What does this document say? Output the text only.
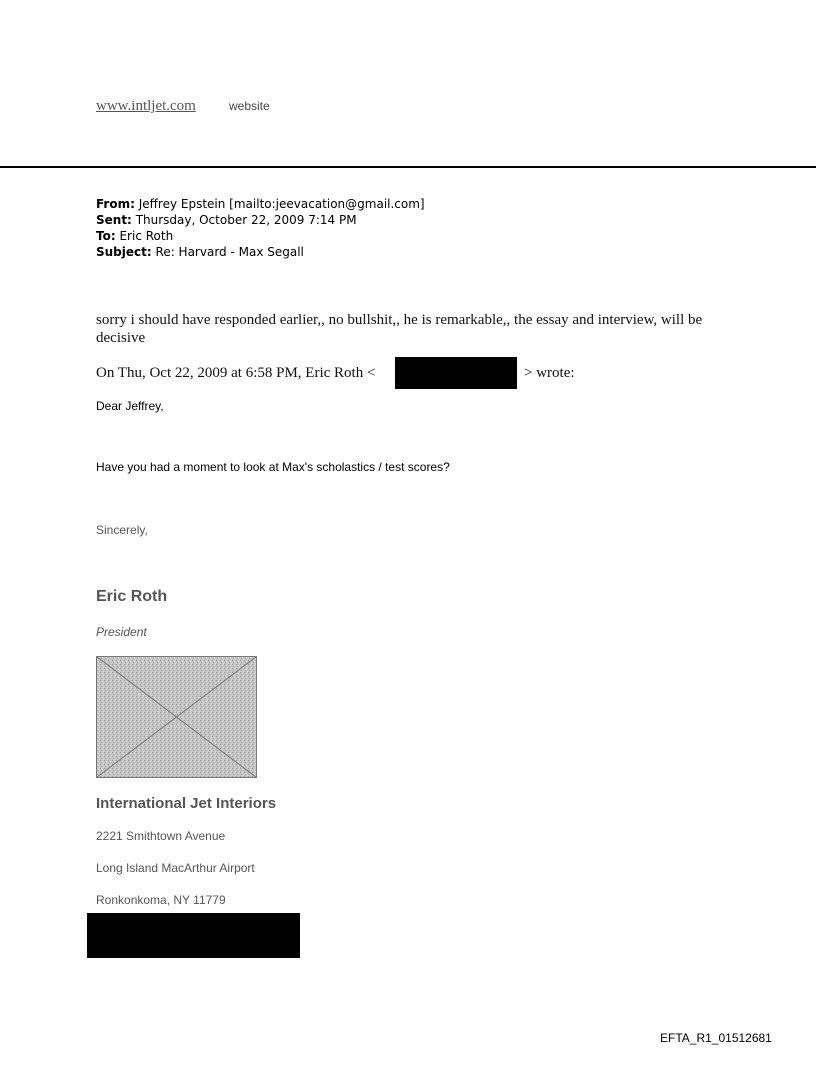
www.intljet.com	website
From: Jeffrey Epstein [mailto:jeevacation@gmail.com]
Sent: Thursday, October 22, 2009 7:14 PM
To: Eric Roth
Subject: Re: Harvard - Max Segall
sorry i should have responded earlier,, no bullshit,, he is remarkable,, the essay and interview, will be decisive
On Thu, Oct 22, 2009 at 6:58 PM, Eric Roth <	> wrote:
Dear Jeffrey,
Have you had a moment to look at Max's scholastics / test scores?
Sincerely,
Eric Roth
President
International Jet Interiors
2221 Smithtown Avenue
Long Island MacArthur Airport
Ronkonkoma, NY 11779
EFTA_R1_01512681
